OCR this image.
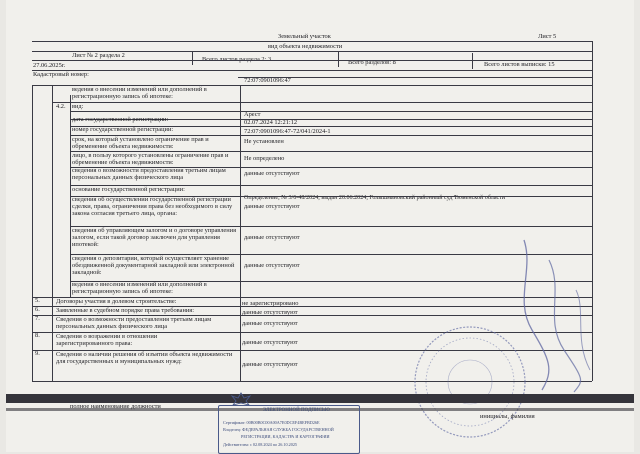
Земельный участок	Лист 5
вид объекта недвижимости
Лист № 2 раздела 2
Всего листов раздела 2: 3	Всего разделов: 8	Всего листов выписки: 15
27.06.2025г.
Кадастровый номер:
72:07:0901096:47
ведения о внесении изменений или дополнений в регистрационную запись об ипотеке:
4.2. вид:
Арест
дата государственной регистрации:	02.07.2024 12:21:12
номер государственной регистрации:	72:07:0901096:47-72/041/2024-1
срок, на который установлено ограничение прав и обременение объекта недвижимости:
Не установлен
лицо, в пользу которого установлены ограничение прав и обременение объекта недвижимости:
Не определено
сведения о возможности предоставления третьим лицам персональных данных физического лица
данные отсутствуют
основание государственной регистрации:
Определение, № 3/6-48/2024, выдан 20.06.2024, Голышмановский районный суд Тюменской области
сведения об осуществлении государственной регистрации сделки, права, ограничения права без необходимого в силу закона согласия третьего лица, органа:
данные отсутствуют
сведения об управляющем залогом и о договоре управления залогом, если такой договор заключен для управления ипотекой:
данные отсутствуют
сведения о депозитарии, который осуществляет хранение обездвиженной документарной закладной или электронной закладной:
данные отсутствуют
ведения о внесении изменений или дополнений в регистрационную запись об ипотеке:
5.	Договоры участия в долевом строительстве:	не зарегистрировано
6.	Заявленные в судебном порядке права требования:	данные отсутствуют
7.	Сведения о возможности предоставления третьим лицам персональных данных физического лица	данные отсутствуют
8.	Сведения о возражении в отношении зарегистрированного права:	данные отсутствуют
9.	Сведения о наличии решения об изъятии объекта недвижимости для государственных и муниципальных нужд:	данные отсутствуют
полное наименование должности
инициалы, фамилия
ЭЛЕКТРОННОЙ ПОДПИСЬЮ
Сертификат: 00B00B0C00A00A7E0DCEF4BEFBD26E
Владелец: ФЕДЕРАЛЬНАЯ СЛУЖБА ГОСУДАРСТВЕННОЙ
РЕГИСТРАЦИИ, КАДАСТРА И КАРТОГРАФИИ
Действителен: с 02.08.2024 по 26.10.2025
